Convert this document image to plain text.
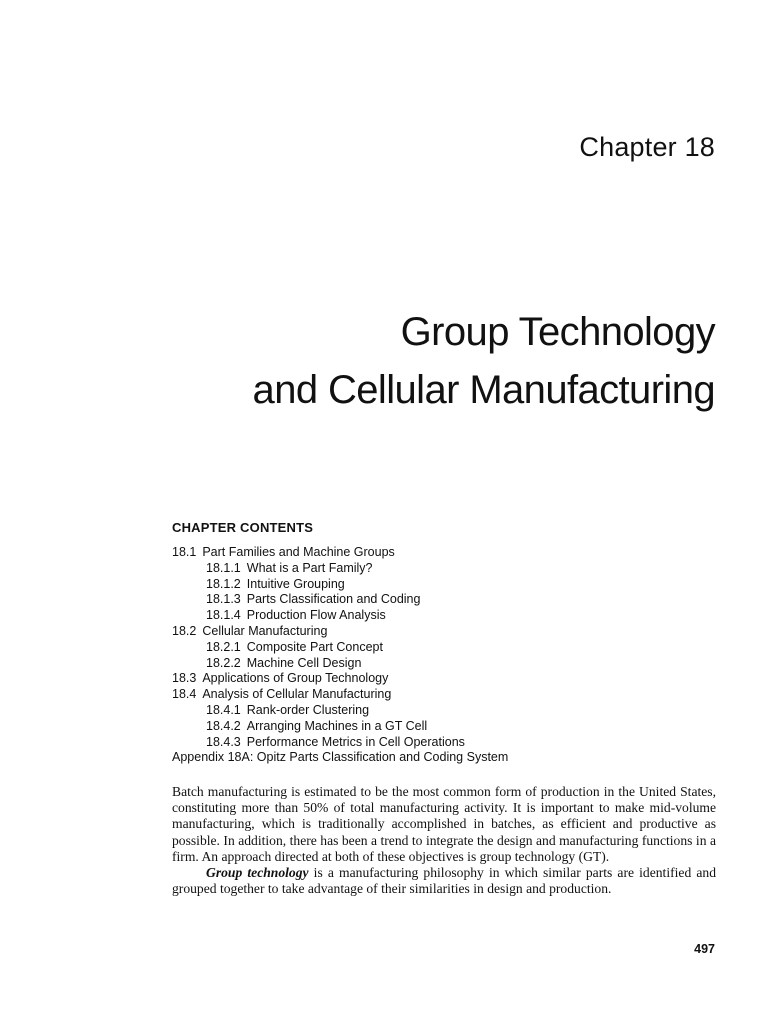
Chapter 18
Group Technology
and Cellular Manufacturing
CHAPTER CONTENTS
18.1 Part Families and Machine Groups
18.1.1 What is a Part Family?
18.1.2 Intuitive Grouping
18.1.3 Parts Classification and Coding
18.1.4 Production Flow Analysis
18.2 Cellular Manufacturing
18.2.1 Composite Part Concept
18.2.2 Machine Cell Design
18.3 Applications of Group Technology
18.4 Analysis of Cellular Manufacturing
18.4.1 Rank-order Clustering
18.4.2 Arranging Machines in a GT Cell
18.4.3 Performance Metrics in Cell Operations
Appendix 18A: Opitz Parts Classification and Coding System

Batch manufacturing is estimated to be the most common form of production in the United States, constituting more than 50% of total manufacturing activity. It is important to make mid-volume manufacturing, which is traditionally accomplished in batches, as efficient and productive as possible. In addition, there has been a trend to integrate the design and manufacturing functions in a firm. An approach directed at both of these objectives is group technology (GT).

Group technology is a manufacturing philosophy in which similar parts are identified and grouped together to take advantage of their similarities in design and production.

497
